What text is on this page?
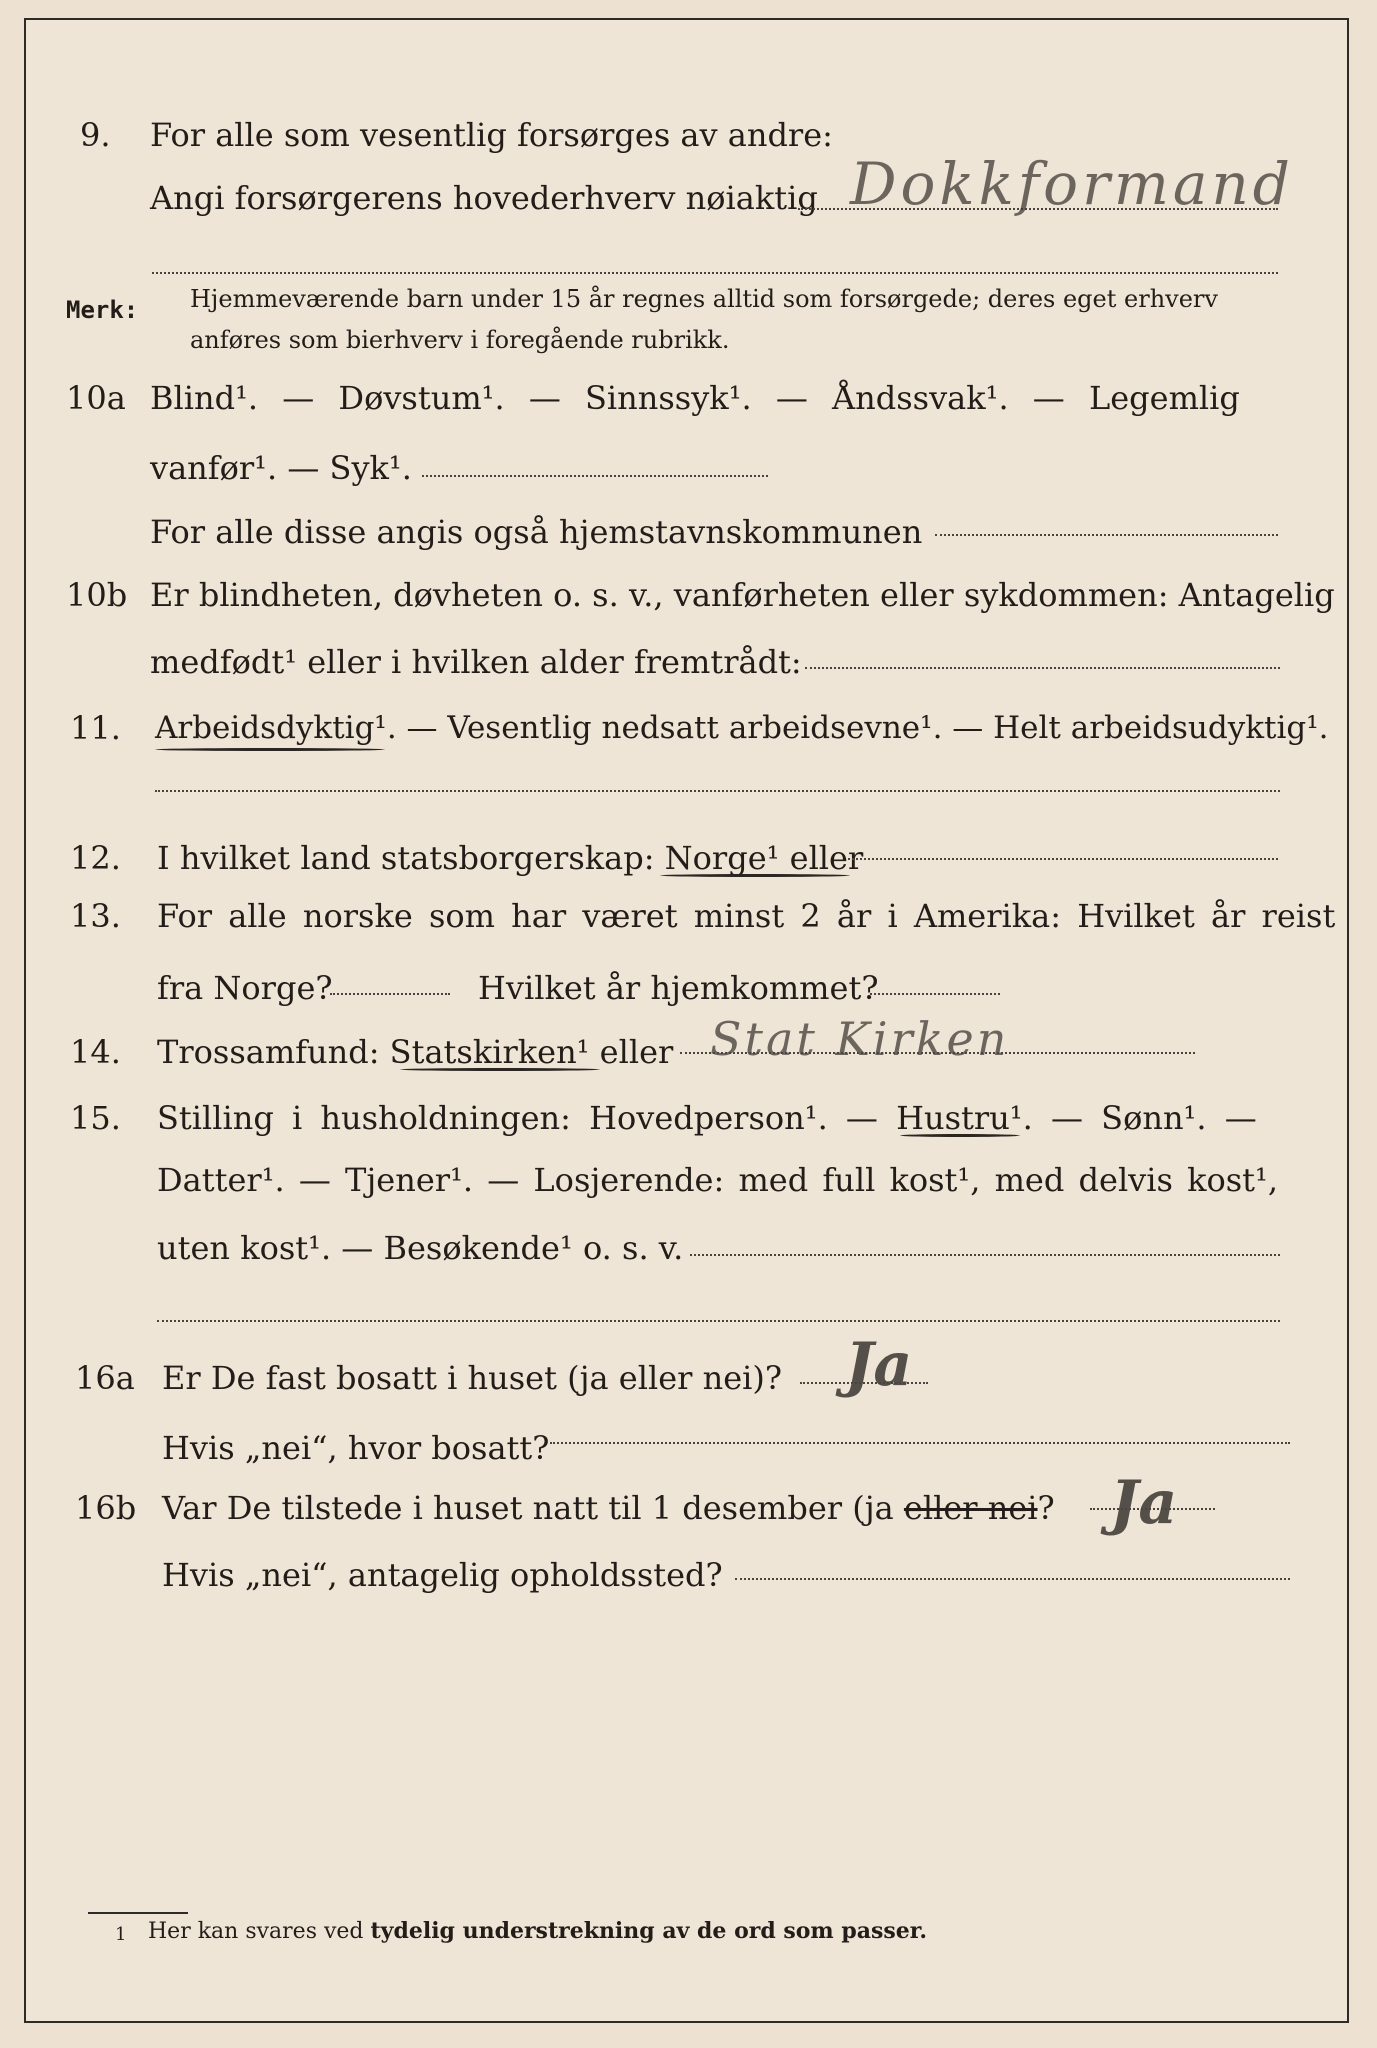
9. For alle som vesentlig forsørges av andre:
Angi forsørgerens hovederhverv nøiaktig Dokkformand
Merk: Hjemmeværende barn under 15 år regnes alltid som forsørgede; deres eget erhverv
anføres som bierhverv i foregående rubrikk.
10a Blind¹. — Døvstum¹. — Sinnssyk¹. — Åndssvak¹. — Legemlig
vanfør¹. — Syk¹.
For alle disse angis også hjemstavnskommunen
10b Er blindheten, døvheten o. s. v., vanførheten eller sykdommen: Antagelig
medfødt¹ eller i hvilken alder fremtrådt:
11. Arbeidsdyktig¹. — Vesentlig nedsatt arbeidsevne¹. — Helt arbeidsudyktig¹.
12. I hvilket land statsborgerskap: Norge¹ eller
13. For alle norske som har været minst 2 år i Amerika: Hvilket år reist
fra Norge?	Hvilket år hjemkommet?
14. Trossamfund: Statskirken¹ eller Stat Kirken
15. Stilling i husholdningen: Hovedperson¹. — Hustru¹. — Sønn¹. —
Datter¹. — Tjener¹. — Losjerende: med full kost¹, med delvis kost¹,
uten kost¹. — Besøkende¹ o. s. v.
16a Er De fast bosatt i huset (ja eller nei)? Ja
Hvis „nei“, hvor bosatt?
16b Var De tilstede i huset natt til 1 desember (ja eller nei? Ja
Hvis „nei“, antagelig opholdssted?
1 Her kan svares ved tydelig understrekning av de ord som passer.
